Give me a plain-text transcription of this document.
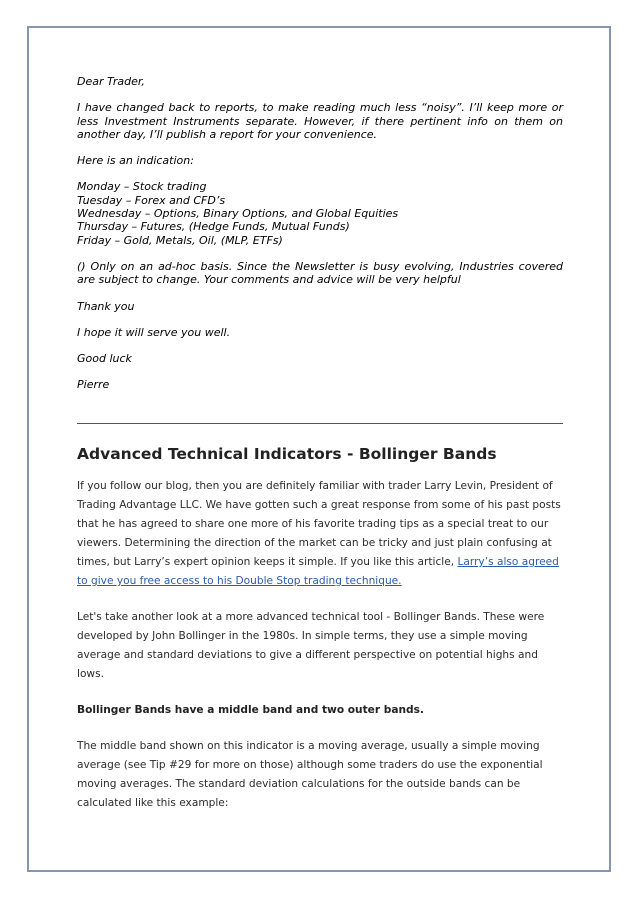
Dear Trader,

I have changed back to reports, to make reading much less “noisy”. I’ll keep more or less Investment Instruments separate. However, if there pertinent info on them on another day, I’ll publish a report for your convenience.

Here is an indication:

Monday – Stock trading

Tuesday – Forex and CFD’s

Wednesday – Options, Binary Options, and Global Equities

Thursday – Futures, (Hedge Funds, Mutual Funds)

Friday – Gold, Metals, Oil, (MLP, ETFs)

() Only on an ad-hoc basis. Since the Newsletter is busy evolving, Industries covered are subject to change. Your comments and advice will be very helpful

Thank you

I hope it will serve you well.

Good luck

Pierre

Advanced Technical Indicators - Bollinger Bands

If you follow our blog, then you are definitely familiar with trader Larry Levin, President of Trading Advantage LLC. We have gotten such a great response from some of his past posts that he has agreed to share one more of his favorite trading tips as a special treat to our viewers. Determining the direction of the market can be tricky and just plain confusing at times, but Larry’s expert opinion keeps it simple. If you like this article, Larry’s also agreed to give you free access to his Double Stop trading technique.

Let's take another look at a more advanced technical tool - Bollinger Bands. These were developed by John Bollinger in the 1980s. In simple terms, they use a simple moving average and standard deviations to give a different perspective on potential highs and lows.

Bollinger Bands have a middle band and two outer bands.

The middle band shown on this indicator is a moving average, usually a simple moving average (see Tip #29 for more on those) although some traders do use the exponential moving averages. The standard deviation calculations for the outside bands can be calculated like this example:
